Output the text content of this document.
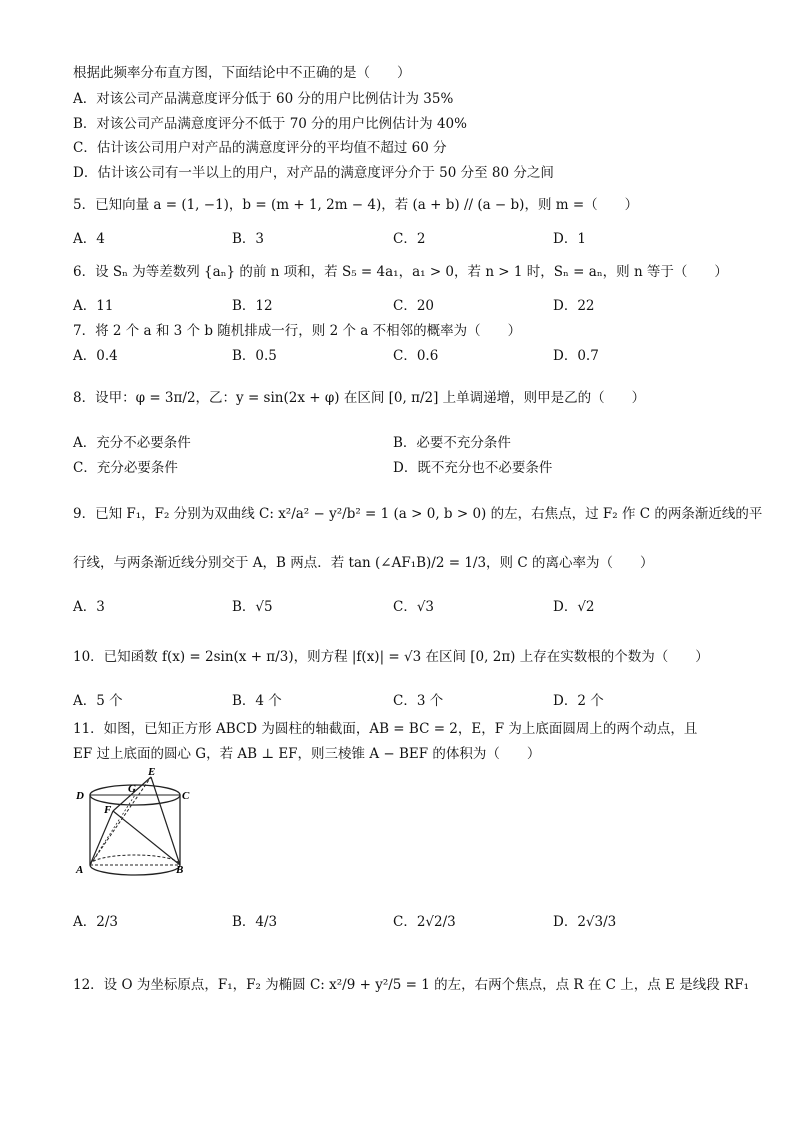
根据此频率分布直方图，下面结论中不正确的是（　　）
A．对该公司产品满意度评分低于 60 分的用户比例估计为 35%
B．对该公司产品满意度评分不低于 70 分的用户比例估计为 40%
C．估计该公司用户对产品的满意度评分的平均值不超过 60 分
D．估计该公司有一半以上的用户，对产品的满意度评分介于 50 分至 80 分之间
5．已知向量 a = (1, −1)，b = (m + 1, 2m − 4)，若 (a + b) // (a − b)，则 m =（　　）
A．4	B．3	C．2	D．1
6．设 Sₙ 为等差数列 {aₙ} 的前 n 项和，若 S₅ = 4a₁，a₁ > 0，若 n > 1 时，Sₙ = aₙ，则 n 等于（　　）
A．11	B．12	C．20	D．22
7．将 2 个 a 和 3 个 b 随机排成一行，则 2 个 a 不相邻的概率为（　　）
A．0.4	B．0.5	C．0.6	D．0.7
8．设甲：φ = 3π/2，乙：y = sin(2x + φ) 在区间 [0, π/2] 上单调递增，则甲是乙的（　　）
A．充分不必要条件	B．必要不充分条件
C．充分必要条件	D．既不充分也不必要条件
9．已知 F₁，F₂ 分别为双曲线 C: x²/a² − y²/b² = 1 (a > 0, b > 0) 的左，右焦点，过 F₂ 作 C 的两条渐近线的平
行线，与两条渐近线分别交于 A，B 两点．若 tan (∠AF₁B)/2 = 1/3，则 C 的离心率为（　　）
A．3	B．√5	C．√3	D．√2
10．已知函数 f(x) = 2sin(x + π/3)，则方程 |f(x)| = √3 在区间 [0, 2π) 上存在实数根的个数为（　　）
A．5 个	B．4 个	C．3 个	D．2 个
11．如图，已知正方形 ABCD 为圆柱的轴截面，AB = BC = 2，E，F 为上底面圆周上的两个动点，且
EF 过上底面的圆心 G，若 AB ⊥ EF，则三棱锥 A − BEF 的体积为（　　）
D	C
A	B
E
F
G
A．2/3	B．4/3	C．2√2/3	D．2√3/3
12．设 O 为坐标原点，F₁，F₂ 为椭圆 C: x²/9 + y²/5 = 1 的左，右两个焦点，点 R 在 C 上，点 E 是线段 RF₁
